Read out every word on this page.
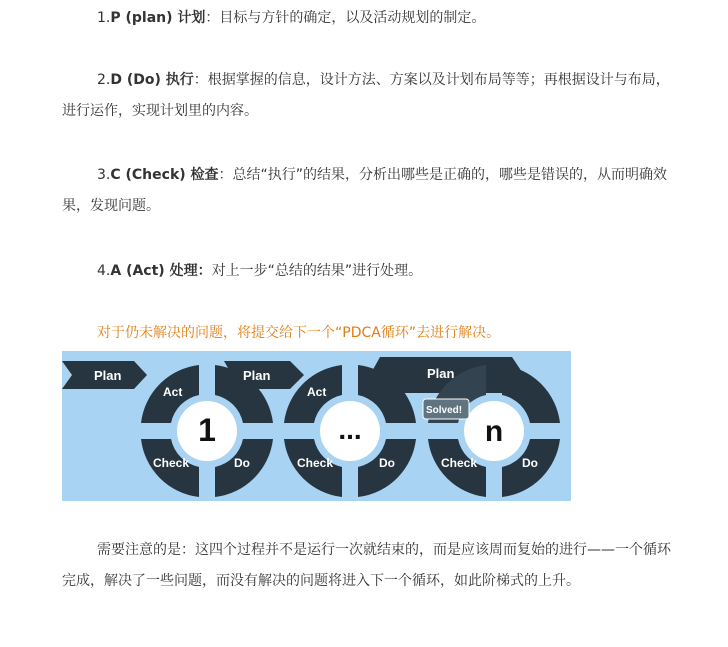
1.P (plan) 计划：目标与方针的确定，以及活动规划的制定。

2.D (Do) 执行：根据掌握的信息，设计方法、方案以及计划布局等等；再根据设计与布局，进行运作，实现计划里的内容。

3.C (Check) 检查：总结“执行”的结果，分析出哪些是正确的，哪些是错误的，从而明确效果，发现问题。

4.A (Act) 处理：对上一步“总结的结果”进行处理。

对于仍未解决的问题，将提交给下一个“PDCA循环”去进行解决。

Plan
Act
Check	Do
Plan
Act
Check	Do
Plan
Solved!
Check	Do
1	...	n

需要注意的是：这四个过程并不是运行一次就结束的，而是应该周而复始的进行——一个循环完成，解决了一些问题，而没有解决的问题将进入下一个循环，如此阶梯式的上升。
